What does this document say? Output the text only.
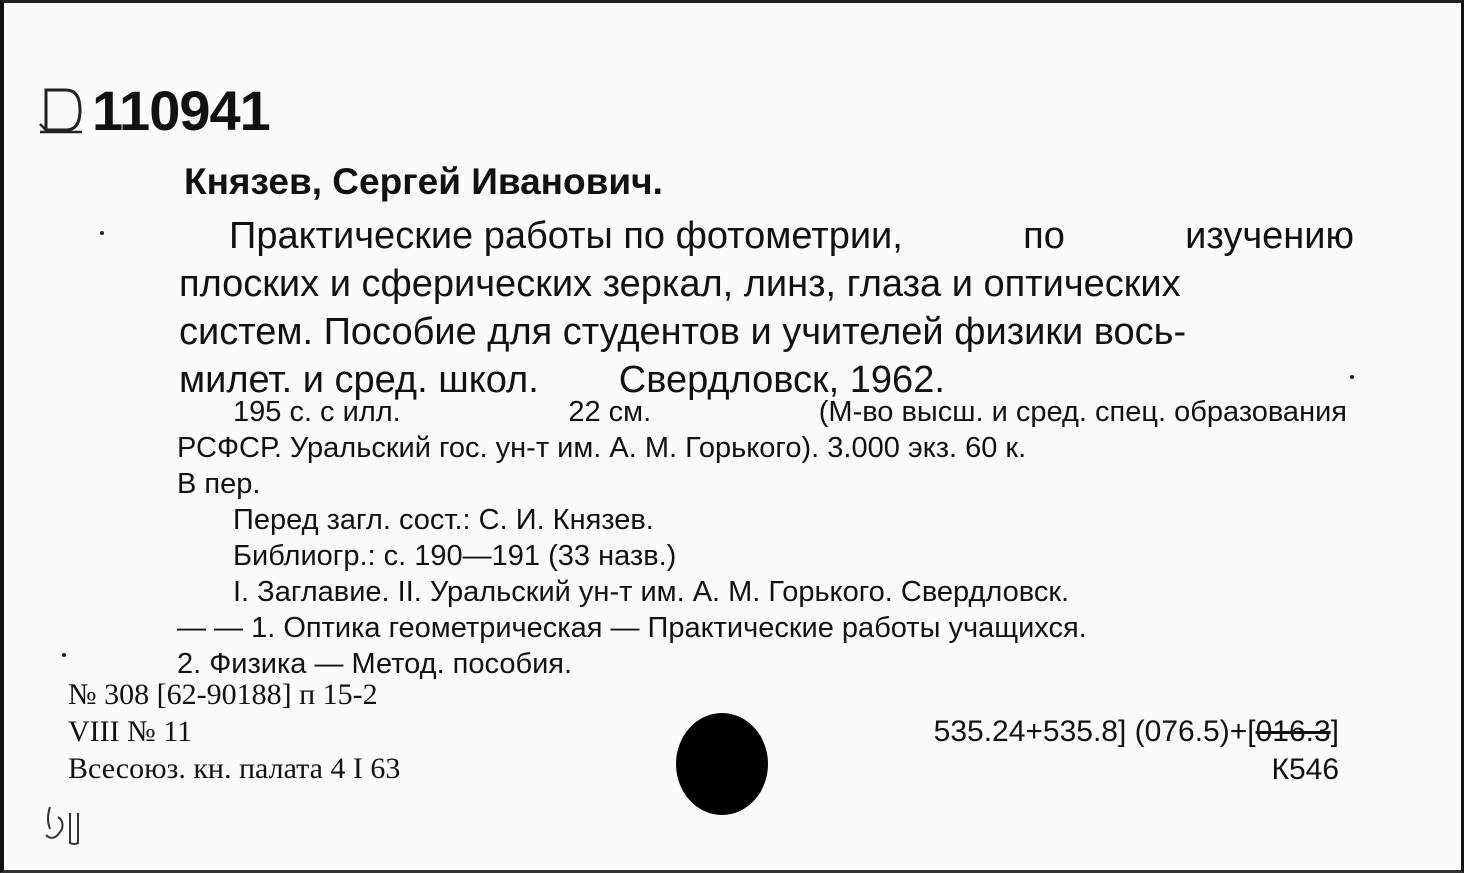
110941
Князев, Сергей Иванович.
Практические работы по фотометрии,	по	изучению
плоских и сферических зеркал, линз, глаза и оптических
систем. Пособие для студентов и учителей физики вось-
милет. и сред. школ. Свердловск, 1962.
195 с. с илл.	22 см.	(М-во высш. и сред. спец. образования
РСФСР. Уральский гос. ун-т им. А. М. Горького). 3.000 экз. 60 к.
В пер.
Перед загл. сост.: С. И. Князев.
Библиогр.: с. 190—191 (33 назв.)
I. Заглавие. II. Уральский ун-т им. А. М. Горького. Свердловск.
— — 1. Оптика геометрическая — Практические работы учащихся.
2. Физика — Метод. пособия.
№ 308 [62-90188] п 15-2
VIII № 11
Всесоюз. кн. палата 4 I 63
535.24+535.8] (076.5)+[016.3]
К546
